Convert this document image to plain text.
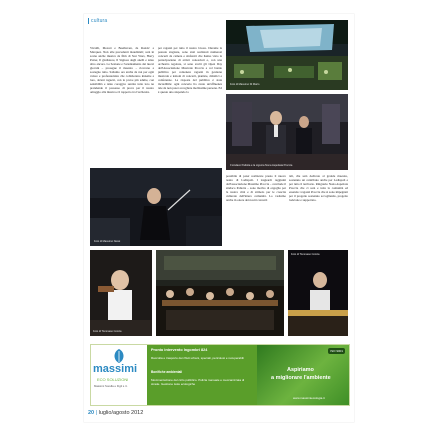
cultura
Vivaldi, Mozart e Beethoven, da Rondo' a Marquez. Non alle precedenti inaudiziali; sarà in scena anche musica da film di Star Wars, Harry Potter, Il gladiatore, Il Signore degli anelli e tanto altro ancora. La Sezione e l'orientamento dei nuovi giovani – prosegue il maestro – ricevono a sostegno tutto. Saliamo ora anche da noi per ogni valore e professionista che collaborano insieme a loro, alcuni ragazzi, con le prove più adulte, con sensibilità e tanto coraggio: sentire tutto loro ne prendendo il possesso di prove per il nostro omaggio alla musica e il rapporto tra l'orchestra.
per ragazzi per tutto il nostro lavoro. Durante la passata stagione, sono stati realizzati numerosi concerti da camera e sinfonici che hanno visto la partecipazione di artisti conosciuti e, con una orchestra regolare, si sono svolti gli Open Day dell'Associazione Musicale Proccia e col bando pubblico per contenere ragazzi in gestione musicale e lezioni di concerti, pianiste, didattici e conferenze. La risposta del pubblico è stata incredibile: ogni concerto ha avuto un'affluenza tale da non poter accogliere moltissime persone. Ed è questo uno stupendo la
Foto di Massimo Di Mario
Il sindaco Paliotta e la signora Nona Aspettata Proccia
Foto di Massimo Nessi
possibile di poter realizzare presto il nuovo teatro di Ladispoli. I traguardi raggiunti dall'associazione Massimo Proccia – conclude il sindaco Paliotta – sono motivo di orgoglio per la nostra città e di stimolo per le crescita culturale dell'intera comunità. Lo vedremo anche in onore dei nostri concerti
tali, che sarà dedicato al grande maestro, sostenuto un contributo anche per Ladispoli e per tutto il territorio. Ringrazio Nona Aspettata Proccia che ci sarà e tutta la comunità ed essendo i ragazzi Proccia che si sono impegnati per il progetto sostenuto accogliendo, progetto lodevole e supportato.
Foto di Tommaso Coccia
Foto di Tommaso Coccia
massimi
ECO SOLUZIONI
Massimi Sorella e Figli s.r.l.
Pronto intervento Ingombri 824
Raccolta e trasporto dei rifiuti urbani, speciali, pericolosi e recuperabili
Bonifiche ambientali
Movimentazione del ciclo pubblico. Pulizia manuale e meccanizzata di strade. Gestione isole ecologiche
ISO 9001
Aspiriamo
a migliorare l'ambiente
www.massimiecologia.it
20 | luglio/agosto 2012
